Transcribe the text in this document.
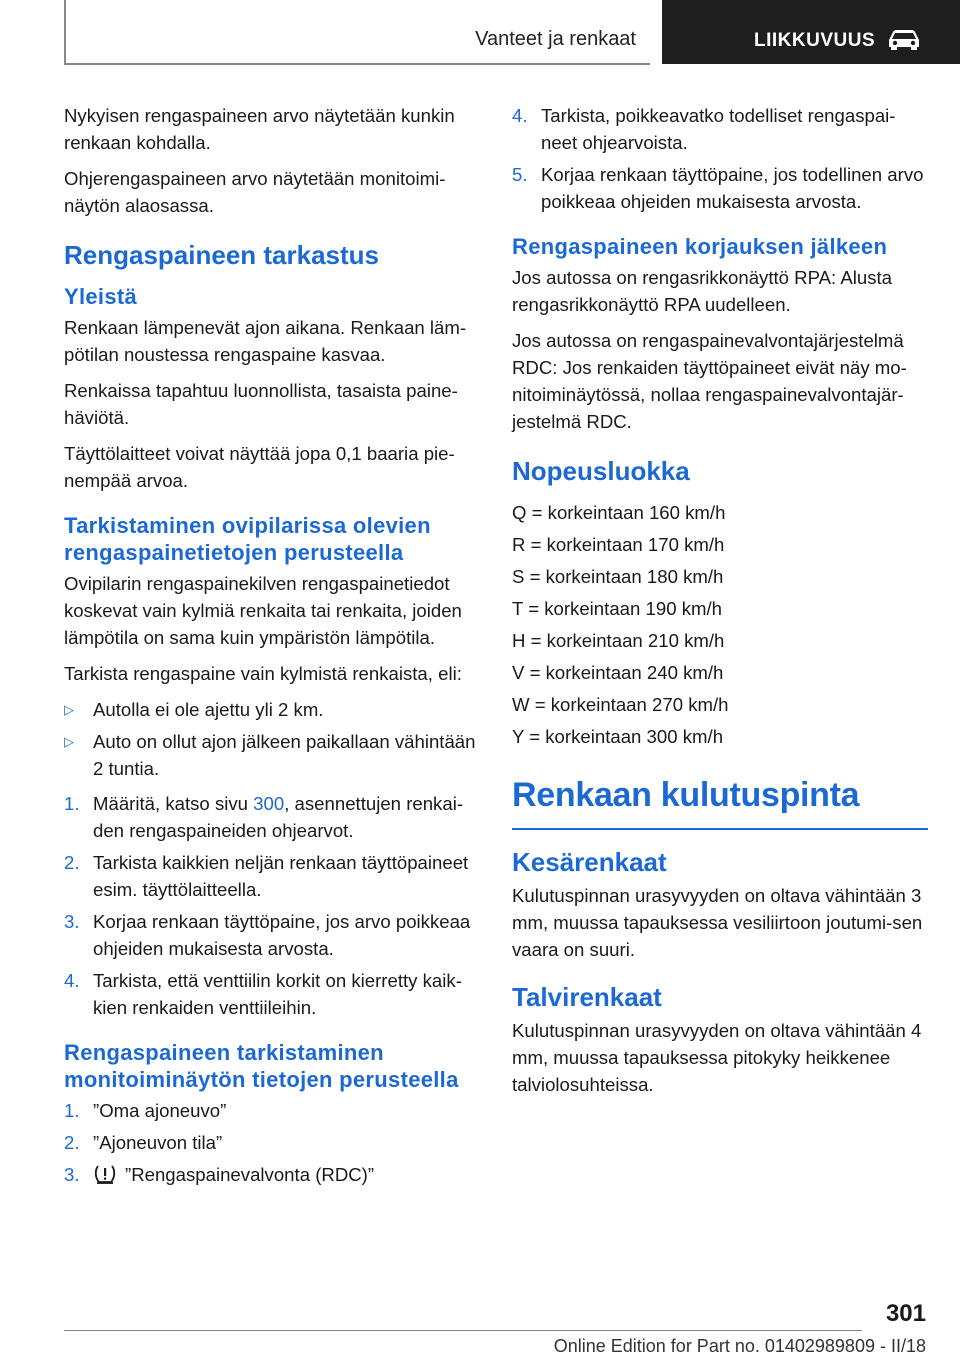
Vanteet ja renkaat	LIIKKUVUUS

Nykyisen rengaspaineen arvo näytetään kunkin renkaan kohdalla.

Ohjerengaspaineen arvo näytetään monitoimi-näytön alaosassa.

Rengaspaineen tarkastus
Yleistä

Renkaan lämpenevät ajon aikana. Renkaan läm-pötilan noustessa rengaspaine kasvaa.

Renkaissa tapahtuu luonnollista, tasaista paine-häviötä.

Täyttölaitteet voivat näyttää jopa 0,1 baaria pie-nempää arvoa.

Tarkistaminen ovipilarissa olevien rengaspainetietojen perusteella

Ovipilarin rengaspainekilven rengaspainetiedot koskevat vain kylmiä renkaita tai renkaita, joiden lämpötila on sama kuin ympäristön lämpötila.

Tarkista rengaspaine vain kylmistä renkaista, eli:

▷	Autolla ei ole ajettu yli 2 km.
▷	Auto on ollut ajon jälkeen paikallaan vähintään 2 tuntia.
1. Määritä, katso sivu 300, asennettujen renkai-den rengaspaineiden ohjearvot.
2. Tarkista kaikkien neljän renkaan täyttöpaineet esim. täyttölaitteella.
3. Korjaa renkaan täyttöpaine, jos arvo poikkeaa ohjeiden mukaisesta arvosta.
4. Tarkista, että venttiilin korkit on kierretty kaik-kien renkaiden venttiileihin.
Rengaspaineen tarkistaminen monitoiminäytön tietojen perusteella
1. ”Oma ajoneuvo”
2. ”Ajoneuvon tila”
3.	”Rengaspainevalvonta (RDC)”
4. Tarkista, poikkeavatko todelliset rengaspai-neet ohjearvoista.
5. Korjaa renkaan täyttöpaine, jos todellinen arvo poikkeaa ohjeiden mukaisesta arvosta.
Rengaspaineen korjauksen jälkeen

Jos autossa on rengasrikkonäyttö RPA: Alusta rengasrikkonäyttö RPA uudelleen.

Jos autossa on rengaspainevalvontajärjestelmä RDC: Jos renkaiden täyttöpaineet eivät näy mo-nitoiminäytössä, nollaa rengaspainevalvontajär-jestelmä RDC.

Nopeusluokka
Q = korkeintaan 160 km/h
R = korkeintaan 170 km/h
S = korkeintaan 180 km/h
T = korkeintaan 190 km/h
H = korkeintaan 210 km/h
V = korkeintaan 240 km/h
W = korkeintaan 270 km/h
Y = korkeintaan 300 km/h
Renkaan kulutuspinta
Kesärenkaat

Kulutuspinnan urasyvyyden on oltava vähintään 3 mm, muussa tapauksessa vesiliirtoon joutumi-sen vaara on suuri.

Talvirenkaat

Kulutuspinnan urasyvyyden on oltava vähintään 4 mm, muussa tapauksessa pitokyky heikkenee talviolosuhteissa.

301
Online Edition for Part no. 01402989809 - II/18
